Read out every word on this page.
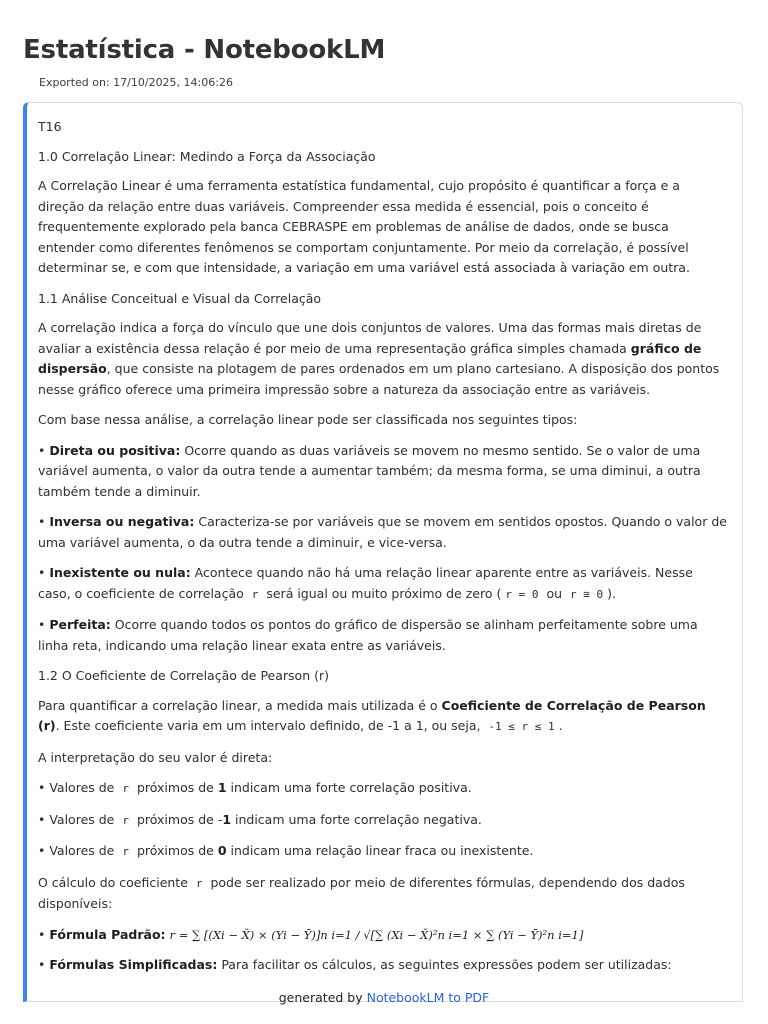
Estatística - NotebookLM
Exported on: 17/10/2025, 14:06:26

T16

1.0 Correlação Linear: Medindo a Força da Associação

A Correlação Linear é uma ferramenta estatística fundamental, cujo propósito é quantificar a força e a direção da relação entre duas variáveis. Compreender essa medida é essencial, pois o conceito é frequentemente explorado pela banca CEBRASPE em problemas de análise de dados, onde se busca entender como diferentes fenômenos se comportam conjuntamente. Por meio da correlação, é possível determinar se, e com que intensidade, a variação em uma variável está associada à variação em outra.

1.1 Análise Conceitual e Visual da Correlação

A correlação indica a força do vínculo que une dois conjuntos de valores. Uma das formas mais diretas de avaliar a existência dessa relação é por meio de uma representação gráfica simples chamada gráfico de dispersão, que consiste na plotagem de pares ordenados em um plano cartesiano. A disposição dos pontos nesse gráfico oferece uma primeira impressão sobre a natureza da associação entre as variáveis.

Com base nessa análise, a correlação linear pode ser classificada nos seguintes tipos:

• Direta ou positiva: Ocorre quando as duas variáveis se movem no mesmo sentido. Se o valor de uma variável aumenta, o valor da outra tende a aumentar também; da mesma forma, se uma diminui, a outra também tende a diminuir.

• Inversa ou negativa: Caracteriza-se por variáveis que se movem em sentidos opostos. Quando o valor de uma variável aumenta, o da outra tende a diminuir, e vice-versa.

• Inexistente ou nula: Acontece quando não há uma relação linear aparente entre as variáveis. Nesse caso, o coeficiente de correlação r será igual ou muito próximo de zero ( r = 0 ou r ≅ 0 ).

• Perfeita: Ocorre quando todos os pontos do gráfico de dispersão se alinham perfeitamente sobre uma linha reta, indicando uma relação linear exata entre as variáveis.

1.2 O Coeficiente de Correlação de Pearson (r)

Para quantificar a correlação linear, a medida mais utilizada é o Coeficiente de Correlação de Pearson (r). Este coeficiente varia em um intervalo definido, de -1 a 1, ou seja, -1 ≤ r ≤ 1 .

A interpretação do seu valor é direta:

• Valores de r próximos de 1 indicam uma forte correlação positiva.

• Valores de r próximos de -1 indicam uma forte correlação negativa.

• Valores de r próximos de 0 indicam uma relação linear fraca ou inexistente.

O cálculo do coeficiente r pode ser realizado por meio de diferentes fórmulas, dependendo dos dados disponíveis:

• Fórmula Padrão: r = ∑ [(Xi − X̄) × (Yi − Ȳ)]n i=1 / √[∑ (Xi − X̄)²n i=1 × ∑ (Yi − Ȳ)²n i=1]

• Fórmulas Simplificadas: Para facilitar os cálculos, as seguintes expressões podem ser utilizadas:

generated by NotebookLM to PDF
